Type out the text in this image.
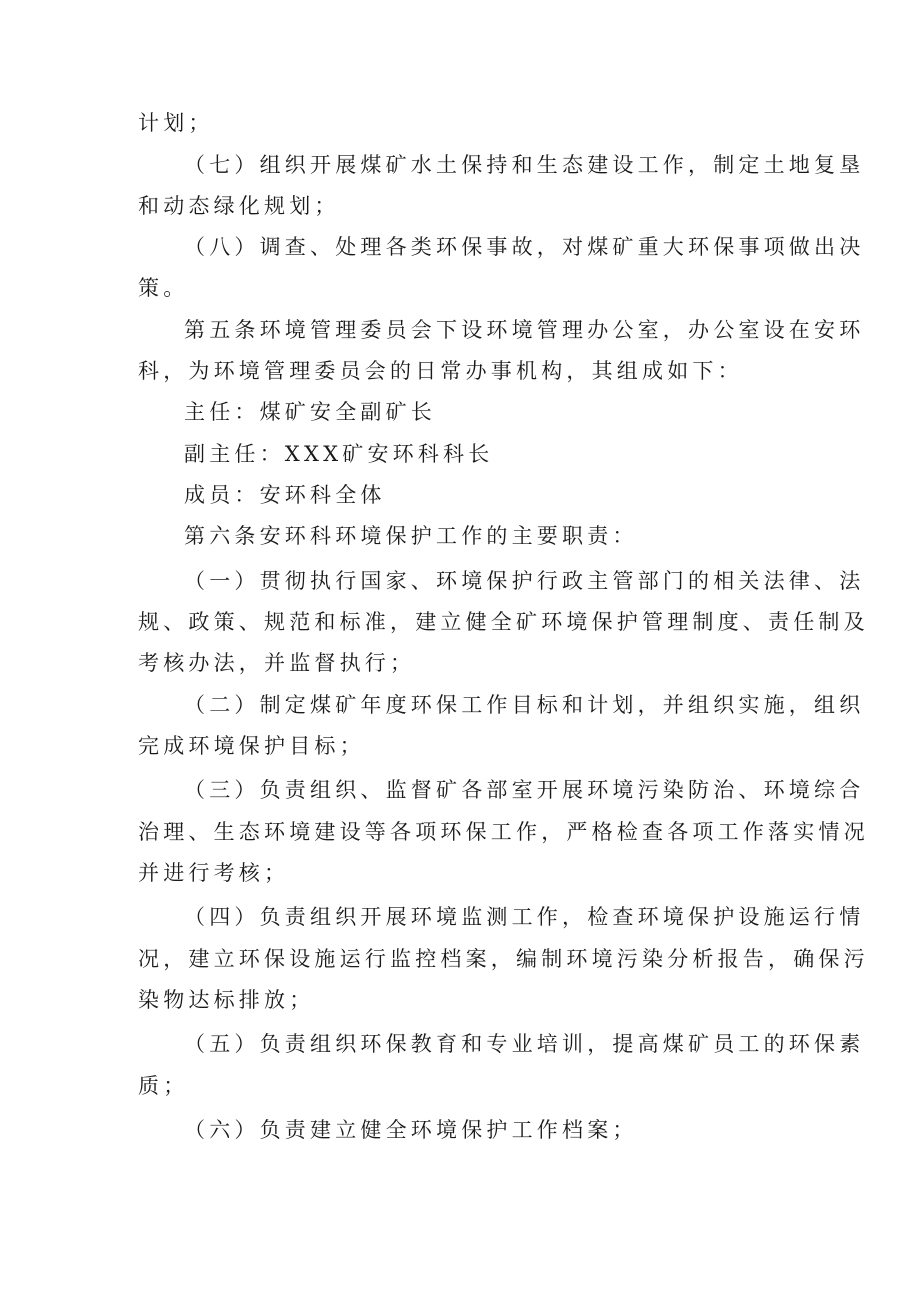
计划；
（七）组织开展煤矿水土保持和生态建设工作，制定土地复垦
和动态绿化规划；
（八）调查、处理各类环保事故，对煤矿重大环保事项做出决
策。
第五条环境管理委员会下设环境管理办公室，办公室设在安环
科，为环境管理委员会的日常办事机构，其组成如下：
主任：煤矿安全副矿长
副主任：XXX矿安环科科长
成员：安环科全体
第六条安环科环境保护工作的主要职责：
（一）贯彻执行国家、环境保护行政主管部门的相关法律、法
规、政策、规范和标准，建立健全矿环境保护管理制度、责任制及
考核办法，并监督执行；
（二）制定煤矿年度环保工作目标和计划，并组织实施，组织
完成环境保护目标；
（三）负责组织、监督矿各部室开展环境污染防治、环境综合
治理、生态环境建设等各项环保工作，严格检查各项工作落实情况
并进行考核；
（四）负责组织开展环境监测工作，检查环境保护设施运行情
况，建立环保设施运行监控档案，编制环境污染分析报告，确保污
染物达标排放；
（五）负责组织环保教育和专业培训，提高煤矿员工的环保素
质；
（六）负责建立健全环境保护工作档案；
